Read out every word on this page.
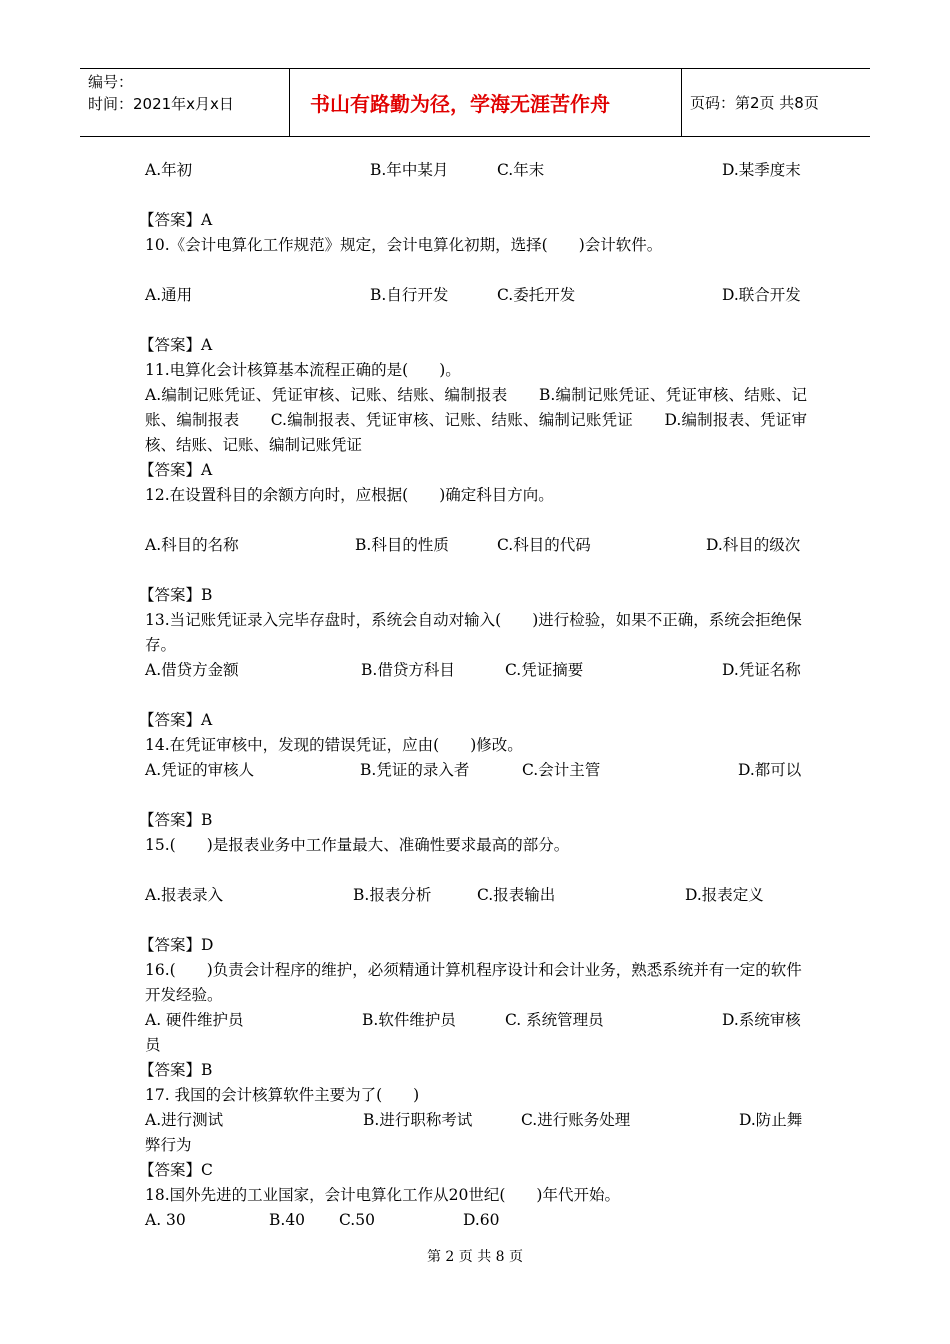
编号：
时间：2021年x月x日	书山有路勤为径，学海无涯苦作舟	页码：第2页 共8页
A.年初	B.年中某月	C.年末	D.某季度末
【答案】A
10.《会计电算化工作规范》规定，会计电算化初期，选择(　　)会计软件。
A.通用	B.自行开发	C.委托开发	D.联合开发
【答案】A
11.电算化会计核算基本流程正确的是(　　)。
A.编制记账凭证、凭证审核、记账、结账、编制报表　　B.编制记账凭证、凭证审核、结账、记账、编制报表　　C.编制报表、凭证审核、记账、结账、编制记账凭证　　D.编制报表、凭证审核、结账、记账、编制记账凭证
【答案】A
12.在设置科目的余额方向时，应根据(　　)确定科目方向。
A.科目的名称	B.科目的性质	C.科目的代码	D.科目的级次
【答案】B
13.当记账凭证录入完毕存盘时，系统会自动对输入(　　)进行检验，如果不正确，系统会拒绝保存。
A.借贷方金额	B.借贷方科目	C.凭证摘要	D.凭证名称
【答案】A
14.在凭证审核中，发现的错误凭证，应由(　　)修改。
A.凭证的审核人	B.凭证的录入者	C.会计主管	D.都可以
【答案】B
15.(　　)是报表业务中工作量最大、准确性要求最高的部分。
A.报表录入	B.报表分析	C.报表输出	D.报表定义
【答案】D
16.(　　)负责会计程序的维护，必须精通计算机程序设计和会计业务，熟悉系统并有一定的软件开发经验。
A. 硬件维护员	B.软件维护员	C. 系统管理员	D.系统审核
员
【答案】B
17. 我国的会计核算软件主要为了(　　)
A.进行测试	B.进行职称考试	C.进行账务处理	D.防止舞
弊行为
【答案】C
18.国外先进的工业国家，会计电算化工作从20世纪(　　)年代开始。
A. 30	B.40 C.50	D.60
第 2 页 共 8 页
